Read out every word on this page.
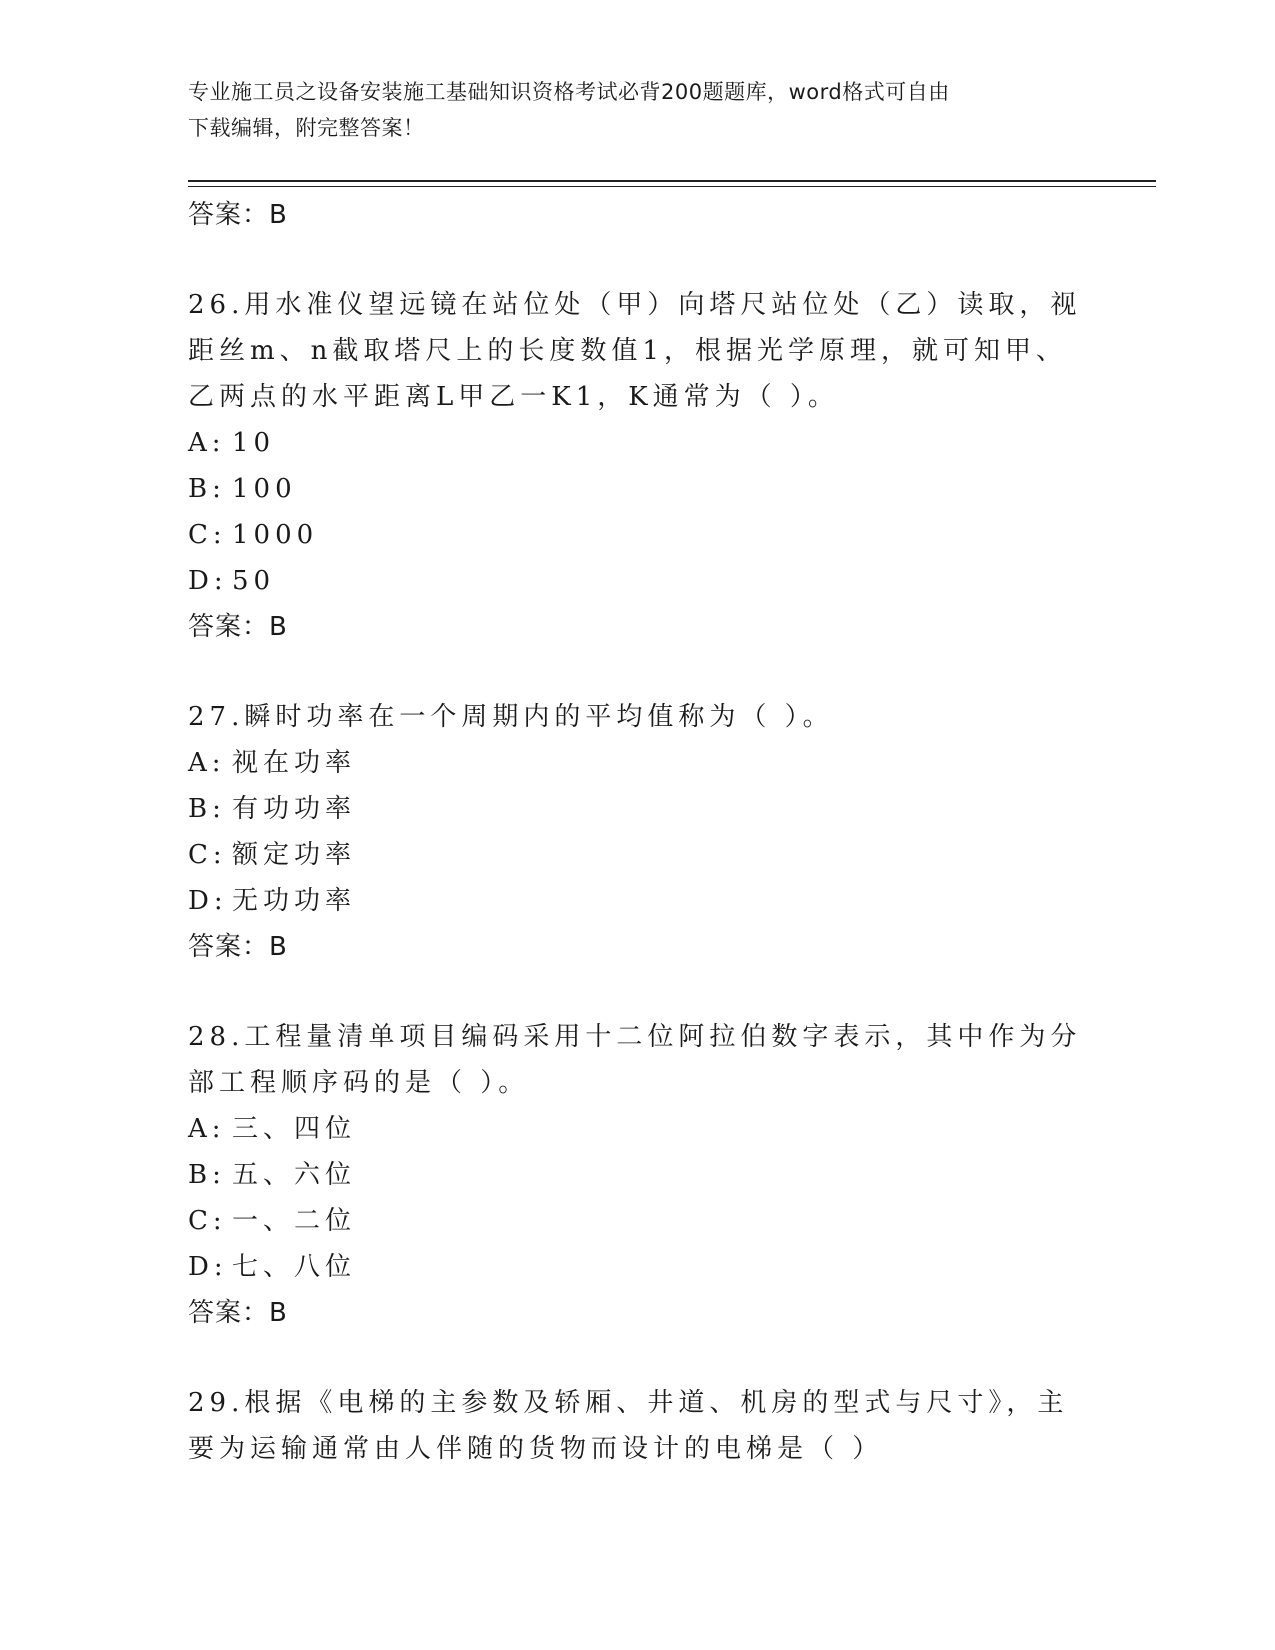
专业施工员之设备安装施工基础知识资格考试必背200题题库，word格式可自由
下载编辑，附完整答案！
答案：B
26.用水准仪望远镜在站位处（甲）向塔尺站位处（乙）读取，视距丝m、n截取塔尺上的长度数值1，根据光学原理，就可知甲、乙两点的水平距离L甲乙一K1，K通常为（ ）。
A: 10
B: 100
C: 1000
D: 50
答案：B
27.瞬时功率在一个周期内的平均值称为（ ）。
A: 视在功率
B: 有功功率
C: 额定功率
D: 无功功率
答案：B
28.工程量清单项目编码采用十二位阿拉伯数字表示，其中作为分部工程顺序码的是（ ）。
A: 三、四位
B: 五、六位
C: 一、二位
D: 七、八位
答案：B
29.根据《电梯的主参数及轿厢、井道、机房的型式与尺寸》，主要为运输通常由人伴随的货物而设计的电梯是（ ）
